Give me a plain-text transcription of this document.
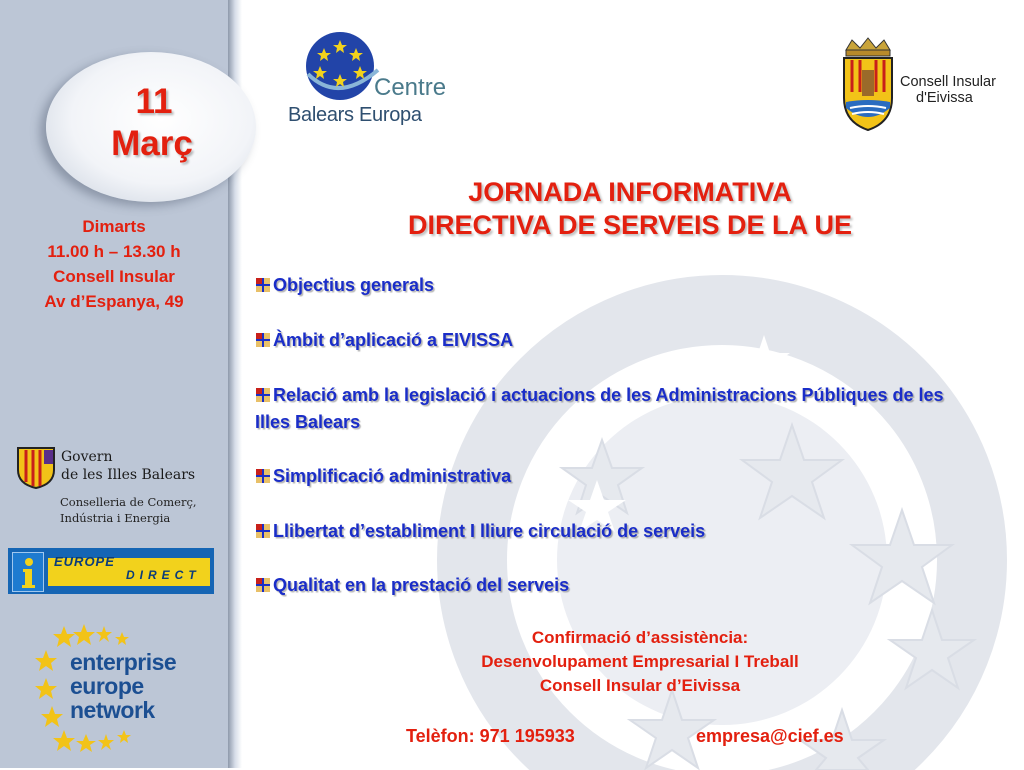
11
Març
Dimarts
11.00 h – 13.30 h
Consell Insular
Av d’Espanya, 49
Govern
de les Illes Balears
Conselleria de Comerç,
Indústria i Energia
EUROPE
DIRECT
enterprise
europe
network
Centre
Balears Europa
Consell Insular
d'Eivissa
JORNADA INFORMATIVA
DIRECTIVA DE SERVEIS DE LA UE
Objectius generals
Àmbit d’aplicació a EIVISSA
Relació amb la legislació i actuacions de les Administracions Públiques de les Illes Balears
Simplificació administrativa
Llibertat d’establiment I lliure circulació de serveis
Qualitat en la prestació del serveis
Confirmació d’assistència:
Desenvolupament Empresarial I Treball
Consell Insular d’Eivissa
Telèfon: 971 195933	empresa@cief.es
